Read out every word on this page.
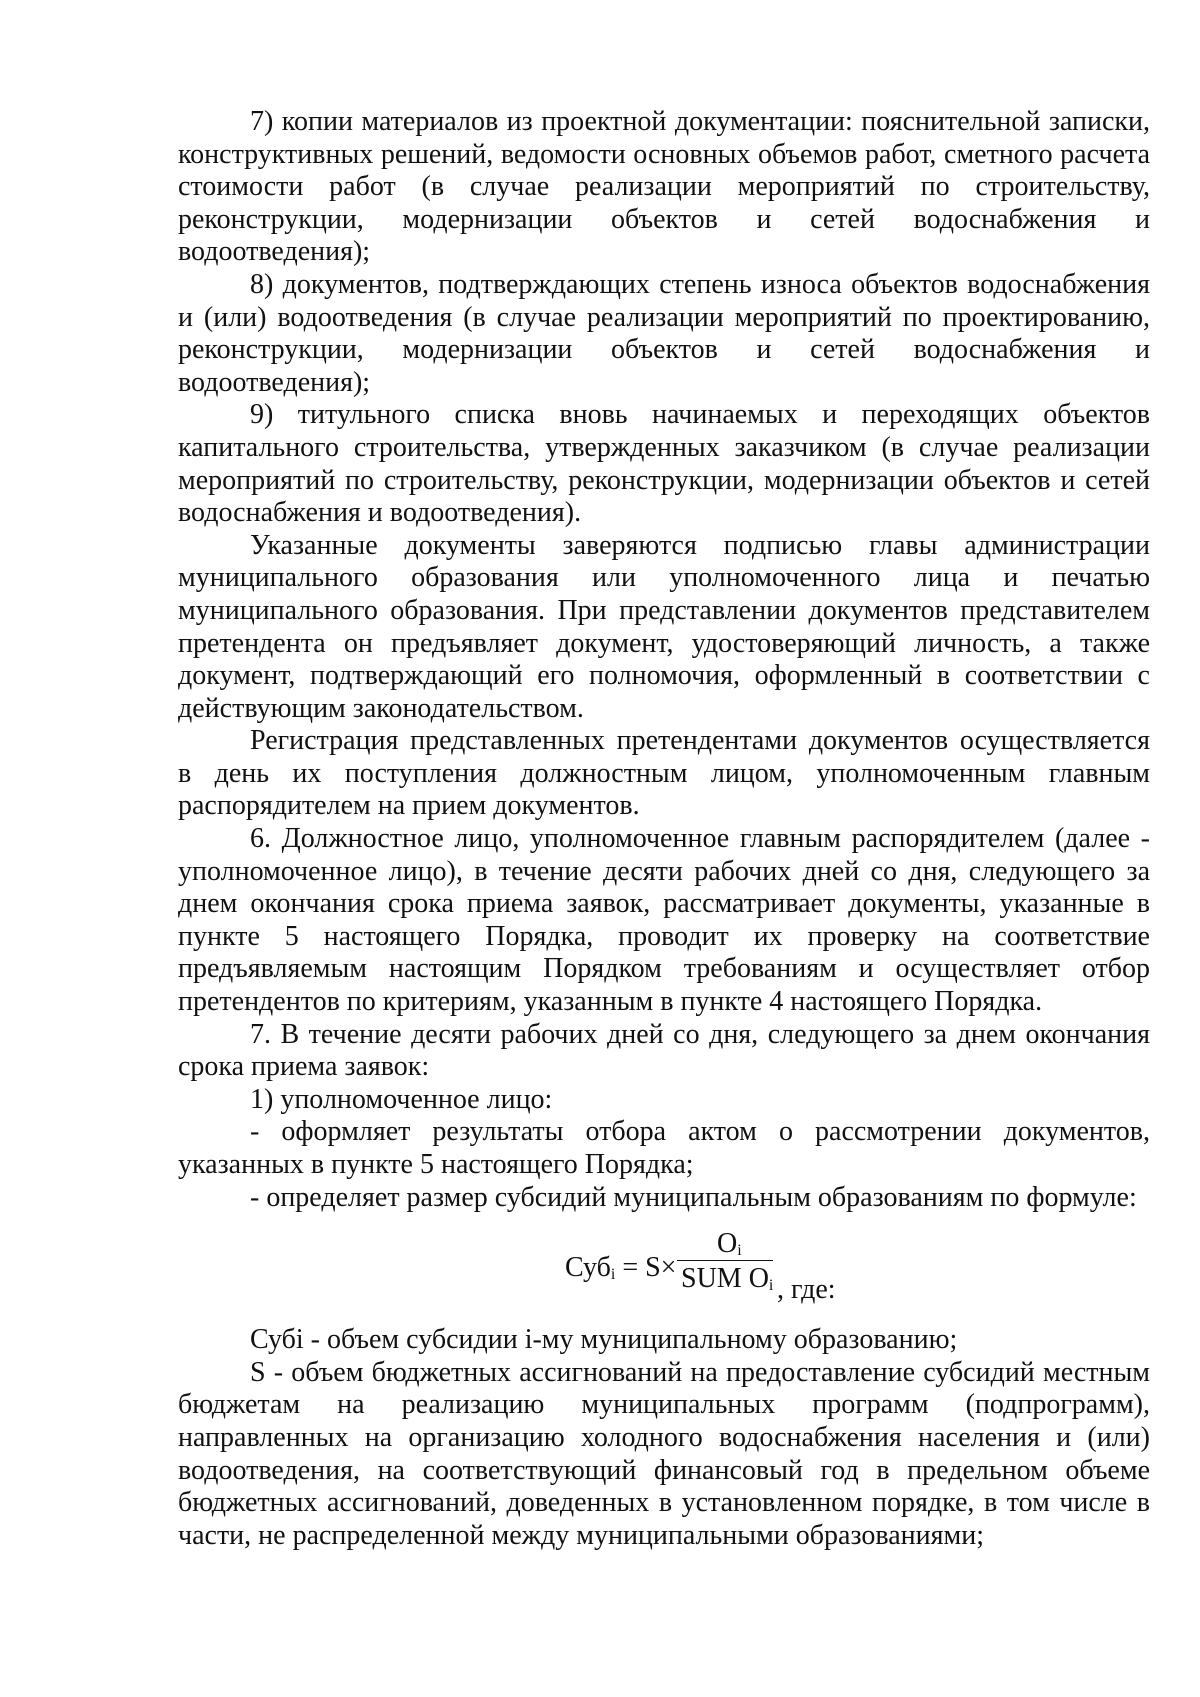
7) копии материалов из проектной документации: пояснительной записки, конструктивных решений, ведомости основных объемов работ, сметного расчета стоимости работ (в случае реализации мероприятий по строительству, реконструкции, модернизации объектов и сетей водоснабжения и водоотведения);

8) документов, подтверждающих степень износа объектов водоснабжения и (или) водоотведения (в случае реализации мероприятий по проектированию, реконструкции, модернизации объектов и сетей водоснабжения и водоотведения);

9) титульного списка вновь начинаемых и переходящих объектов капитального строительства, утвержденных заказчиком (в случае реализации мероприятий по строительству, реконструкции, модернизации объектов и сетей водоснабжения и водоотведения).

Указанные документы заверяются подписью главы администрации муниципального образования или уполномоченного лица и печатью муниципального образования. При представлении документов представителем претендента он предъявляет документ, удостоверяющий личность, а также документ, подтверждающий его полномочия, оформленный в соответствии с действующим законодательством.

Регистрация представленных претендентами документов осуществляется в день их поступления должностным лицом, уполномоченным главным распорядителем на прием документов.

6. Должностное лицо, уполномоченное главным распорядителем (далее - уполномоченное лицо), в течение десяти рабочих дней со дня, следующего за днем окончания срока приема заявок, рассматривает документы, указанные в пункте 5 настоящего Порядка, проводит их проверку на соответствие предъявляемым настоящим Порядком требованиям и осуществляет отбор претендентов по критериям, указанным в пункте 4 настоящего Порядка.

7. В течение десяти рабочих дней со дня, следующего за днем окончания срока приема заявок:

1) уполномоченное лицо:

- оформляет результаты отбора актом о рассмотрении документов, указанных в пункте 5 настоящего Порядка;

- определяет размер субсидий муниципальным образованиям по формуле:

Суб$_i$ = S×
$O_i$
SUM $O_i$ , где:

Субi - объем субсидии i-му муниципальному образованию;

S - объем бюджетных ассигнований на предоставление субсидий местным бюджетам на реализацию муниципальных программ (подпрограмм), направленных на организацию холодного водоснабжения населения и (или) водоотведения, на соответствующий финансовый год в предельном объеме бюджетных ассигнований, доведенных в установленном порядке, в том числе в части, не распределенной между муниципальными образованиями;
